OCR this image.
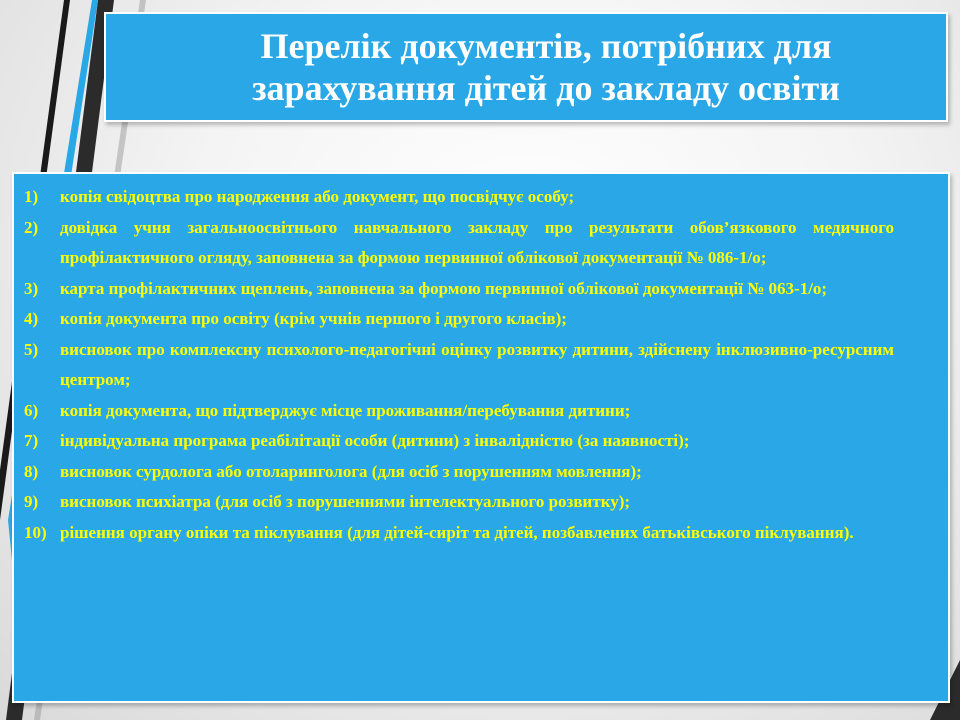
Перелік документів, потрібних для
зарахування дітей до закладу освіти
1)	копія свідоцтва про народження або документ, що посвідчує особу;
2)	довідка учня загальноосвітнього навчального закладу про результати обов’язкового медичного профілактичного огляду, заповнена за формою первинної облікової документації № 086-1/о;
3)	карта профілактичних щеплень, заповнена за формою первинної облікової документації № 063-1/о;
4)	копія документа про освіту (крім учнів першого і другого класів);
5)	висновок про комплексну психолого-педагогічні оцінку розвитку дитини, здійснену інклюзивно-ресурсним центром;
6)	копія документа, що підтверджує місце проживання/перебування дитини;
7)	індивідуальна програма реабілітації особи (дитини) з інвалідністю (за наявності);
8)	висновок сурдолога або отоларинголога (для осіб з порушенням мовлення);
9)	висновок психіатра (для осіб з порушеннями інтелектуального розвитку);
10) рішення органу опіки та піклування (для дітей-сиріт та дітей, позбавлених батьківського піклування).
